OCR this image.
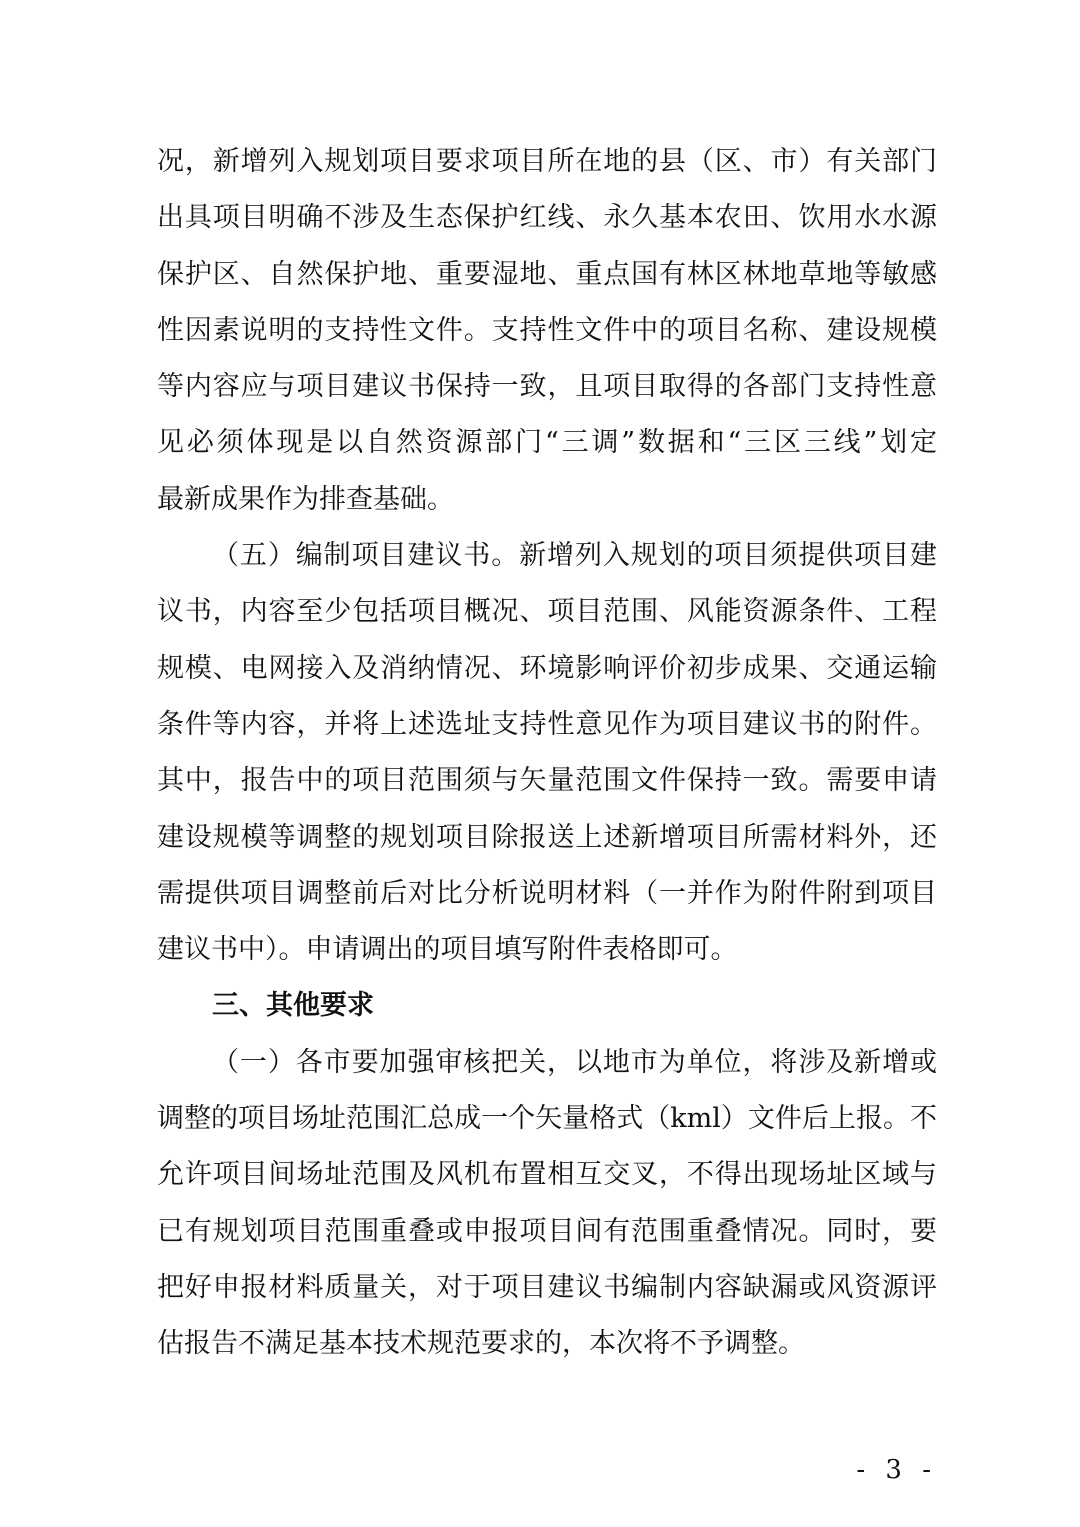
况，新增列入规划项目要求项目所在地的县（区、市）有关部门
出具项目明确不涉及生态保护红线、永久基本农田、饮用水水源
保护区、自然保护地、重要湿地、重点国有林区林地草地等敏感
性因素说明的支持性文件。支持性文件中的项目名称、建设规模
等内容应与项目建议书保持一致，且项目取得的各部门支持性意
见必须体现是以自然资源部门“三调”数据和“三区三线”划定
最新成果作为排查基础。
（五）编制项目建议书。新增列入规划的项目须提供项目建
议书，内容至少包括项目概况、项目范围、风能资源条件、工程
规模、电网接入及消纳情况、环境影响评价初步成果、交通运输
条件等内容，并将上述选址支持性意见作为项目建议书的附件。
其中，报告中的项目范围须与矢量范围文件保持一致。需要申请
建设规模等调整的规划项目除报送上述新增项目所需材料外，还
需提供项目调整前后对比分析说明材料（一并作为附件附到项目
建议书中）。申请调出的项目填写附件表格即可。
三、其他要求
（一）各市要加强审核把关，以地市为单位，将涉及新增或
调整的项目场址范围汇总成一个矢量格式（kml）文件后上报。不
允许项目间场址范围及风机布置相互交叉，不得出现场址区域与
已有规划项目范围重叠或申报项目间有范围重叠情况。同时，要
把好申报材料质量关，对于项目建议书编制内容缺漏或风资源评
估报告不满足基本技术规范要求的，本次将不予调整。
- 3 -
